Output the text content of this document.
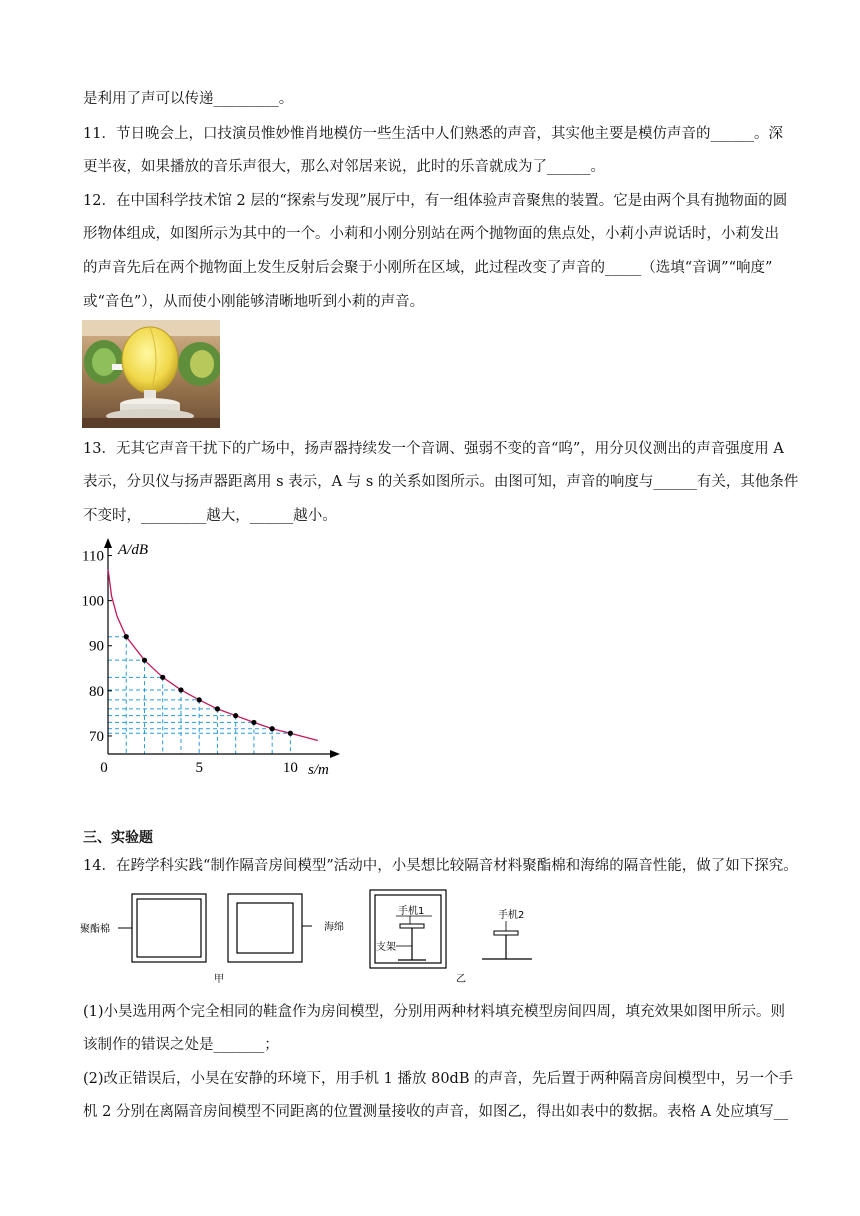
是利用了声可以传递_________。
11．节日晚会上，口技演员惟妙惟肖地模仿一些生活中人们熟悉的声音，其实他主要是模仿声音的______。深
更半夜，如果播放的音乐声很大，那么对邻居来说，此时的乐音就成为了______。
12．在中国科学技术馆 2 层的“探索与发现”展厅中，有一组体验声音聚焦的装置。它是由两个具有抛物面的圆
形物体组成，如图所示为其中的一个。小莉和小刚分别站在两个抛物面的焦点处，小莉小声说话时，小莉发出
的声音先后在两个抛物面上发生反射后会聚于小刚所在区域，此过程改变了声音的_____（选填“音调”“响度”
或“音色”），从而使小刚能够清晰地听到小莉的声音。
13．无其它声音干扰下的广场中，扬声器持续发一个音调、强弱不变的音“呜”，用分贝仪测出的声音强度用 A
表示，分贝仪与扬声器距离用 s 表示，A 与 s 的关系如图所示。由图可知，声音的响度与______有关，其他条件
不变时，_________越大，______越小。
70
80
90
100
110
0	5	10
A/dB
s/m
三、实验题
14．在跨学科实践“制作隔音房间模型”活动中，小昊想比较隔音材料聚酯棉和海绵的隔音性能，做了如下探究。
聚酯棉	海绵
甲
手机1
支架
手机2
乙
(1)小昊选用两个完全相同的鞋盒作为房间模型，分别用两种材料填充模型房间四周，填充效果如图甲所示。则
该制作的错误之处是_______；
(2)改正错误后，小昊在安静的环境下，用手机 1 播放 80dB 的声音，先后置于两种隔音房间模型中，另一个手
机 2 分别在离隔音房间模型不同距离的位置测量接收的声音，如图乙，得出如表中的数据。表格 A 处应填写__
